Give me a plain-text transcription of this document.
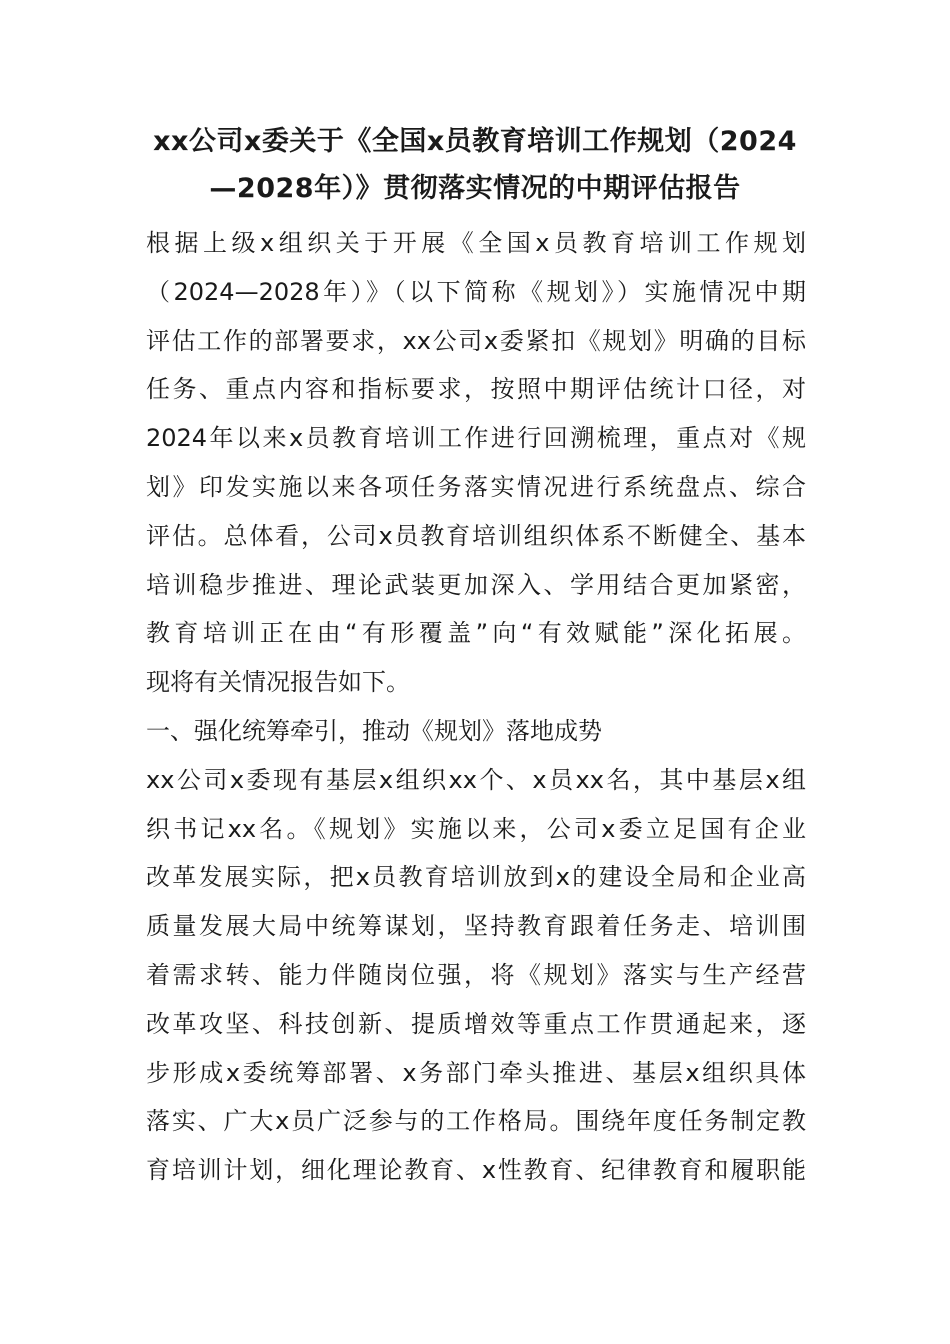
xx公司x委关于《全国x员教育培训工作规划（2024
—2028年）》贯彻落实情况的中期评估报告
根据上级x组织关于开展《全国x员教育培训工作规划
（2024—2028年）》（以下简称《规划》）实施情况中期
评估工作的部署要求，xx公司x委紧扣《规划》明确的目标
任务、重点内容和指标要求，按照中期评估统计口径，对
2024年以来x员教育培训工作进行回溯梳理，重点对《规
划》印发实施以来各项任务落实情况进行系统盘点、综合
评估。总体看，公司x员教育培训组织体系不断健全、基本
培训稳步推进、理论武装更加深入、学用结合更加紧密，
教育培训正在由“有形覆盖”向“有效赋能”深化拓展。
现将有关情况报告如下。
一、强化统筹牵引，推动《规划》落地成势
xx公司x委现有基层x组织xx个、x员xx名，其中基层x组
织书记xx名。《规划》实施以来，公司x委立足国有企业
改革发展实际，把x员教育培训放到x的建设全局和企业高
质量发展大局中统筹谋划，坚持教育跟着任务走、培训围
着需求转、能力伴随岗位强，将《规划》落实与生产经营
改革攻坚、科技创新、提质增效等重点工作贯通起来，逐
步形成x委统筹部署、x务部门牵头推进、基层x组织具体
落实、广大x员广泛参与的工作格局。围绕年度任务制定教
育培训计划，细化理论教育、x性教育、纪律教育和履职能
